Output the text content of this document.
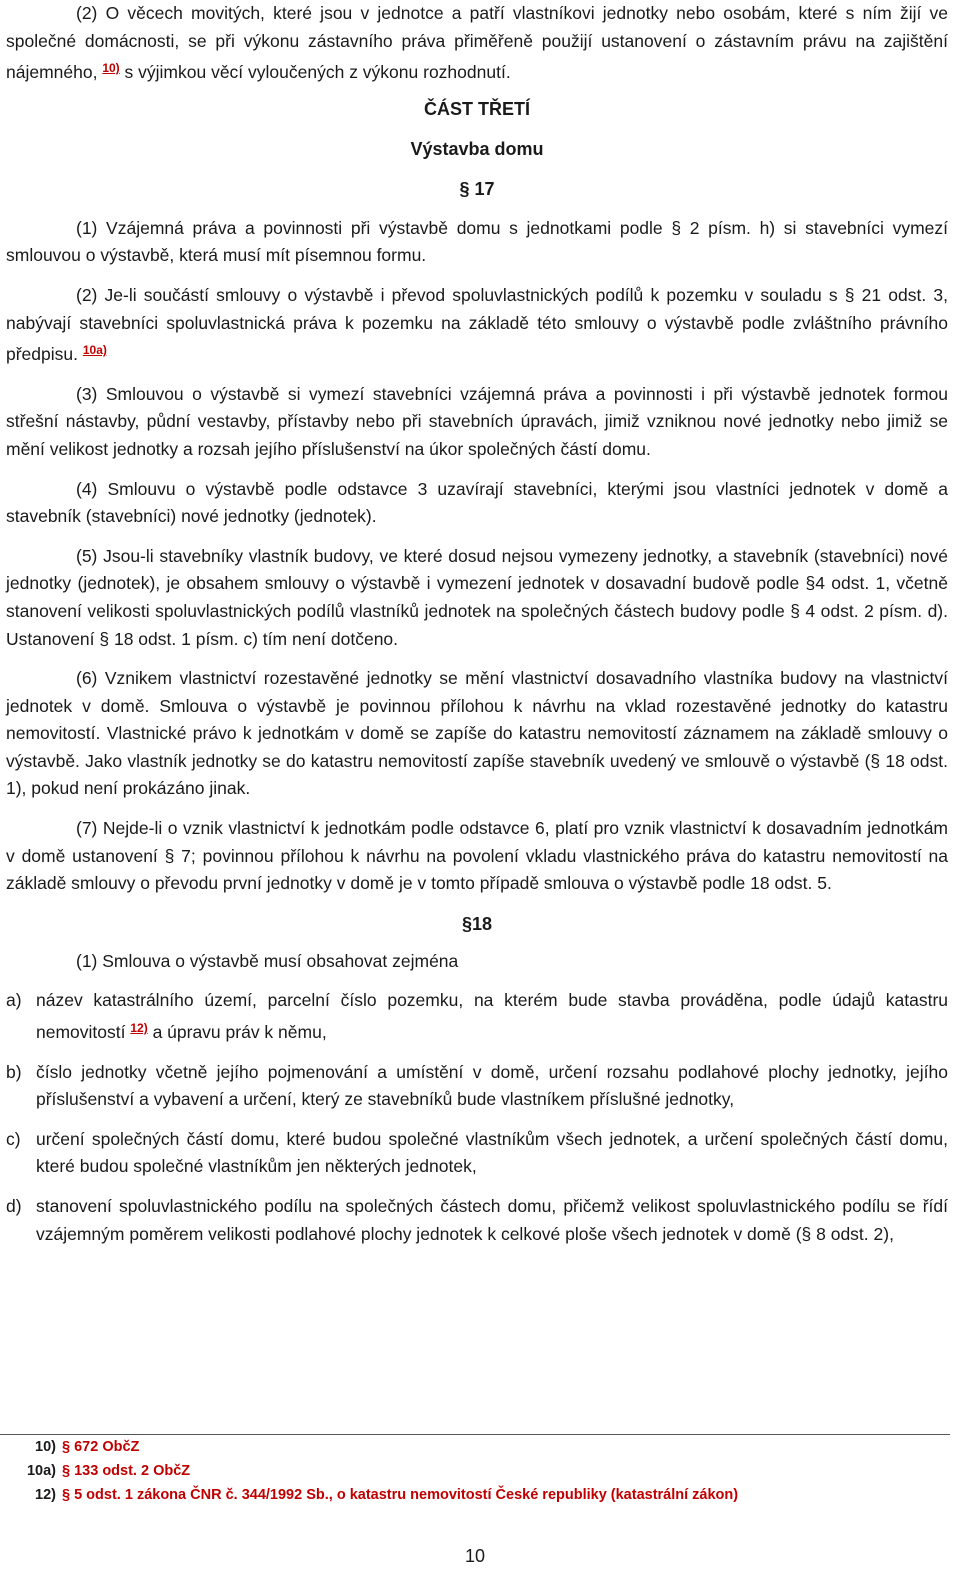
(2) O věcech movitých, které jsou v jednotce a patří vlastníkovi jednotky nebo osobám, které s ním žijí ve společné domácnosti, se při výkonu zástavního práva přiměřeně použijí ustanovení o zástavním právu na zajištění nájemného, $^{10)}$ s výjimkou věcí vyloučených z výkonu rozhodnutí.

ČÁST TŘETÍ

Výstavba domu

§ 17

(1) Vzájemná práva a povinnosti při výstavbě domu s jednotkami podle § 2 písm. h) si stavebníci vymezí smlouvou o výstavbě, která musí mít písemnou formu.

(2) Je-li součástí smlouvy o výstavbě i převod spoluvlastnických podílů k pozemku v souladu s § 21 odst. 3, nabývají stavebníci spoluvlastnická práva k pozemku na základě této smlouvy o výstavbě podle zvláštního právního předpisu. $^{10a)}$

(3) Smlouvou o výstavbě si vymezí stavebníci vzájemná práva a povinnosti i při výstavbě jednotek formou střešní nástavby, půdní vestavby, přístavby nebo při stavebních úpravách, jimiž vzniknou nové jednotky nebo jimiž se mění velikost jednotky a rozsah jejího příslušenství na úkor společných částí domu.

(4) Smlouvu o výstavbě podle odstavce 3 uzavírají stavebníci, kterými jsou vlastníci jednotek v domě a stavebník (stavebníci) nové jednotky (jednotek).

(5) Jsou-li stavebníky vlastník budovy, ve které dosud nejsou vymezeny jednotky, a stavebník (stavebníci) nové jednotky (jednotek), je obsahem smlouvy o výstavbě i vymezení jednotek v dosavadní budově podle §4 odst. 1, včetně stanovení velikosti spoluvlastnických podílů vlastníků jednotek na společných částech budovy podle § 4 odst. 2 písm. d). Ustanovení § 18 odst. 1 písm. c) tím není dotčeno.

(6) Vznikem vlastnictví rozestavěné jednotky se mění vlastnictví dosavadního vlastníka budovy na vlastnictví jednotek v domě. Smlouva o výstavbě je povinnou přílohou k návrhu na vklad rozestavěné jednotky do katastru nemovitostí. Vlastnické právo k jednotkám v domě se zapíše do katastru nemovitostí záznamem na základě smlouvy o výstavbě. Jako vlastník jednotky se do katastru nemovitostí zapíše stavebník uvedený ve smlouvě o výstavbě (§ 18 odst. 1), pokud není prokázáno jinak.

(7) Nejde-li o vznik vlastnictví k jednotkám podle odstavce 6, platí pro vznik vlastnictví k dosavadním jednotkám v domě ustanovení § 7; povinnou přílohou k návrhu na povolení vkladu vlastnického práva do katastru nemovitostí na základě smlouvy o převodu první jednotky v domě je v tomto případě smlouva o výstavbě podle 18 odst. 5.

§18

(1) Smlouva o výstavbě musí obsahovat zejména

a) název katastrálního území, parcelní číslo pozemku, na kterém bude stavba prováděna, podle údajů katastru nemovitostí $^{12)}$ a úpravu práv k němu,
b) číslo jednotky včetně jejího pojmenování a umístění v domě, určení rozsahu podlahové plochy jednotky, jejího příslušenství a vybavení a určení, který ze stavebníků bude vlastníkem příslušné jednotky,
c) určení společných částí domu, které budou společné vlastníkům všech jednotek, a určení společných částí domu, které budou společné vlastníkům jen některých jednotek,
d) stanovení spoluvlastnického podílu na společných částech domu, přičemž velikost spoluvlastnického podílu se řídí vzájemným poměrem velikosti podlahové plochy jednotek k celkové ploše všech jednotek v domě (§ 8 odst. 2),
10) § 672 ObčZ
10a) § 133 odst. 2 ObčZ
12) § 5 odst. 1 zákona ČNR č. 344/1992 Sb., o katastru nemovitostí České republiky (katastrální zákon)
10
